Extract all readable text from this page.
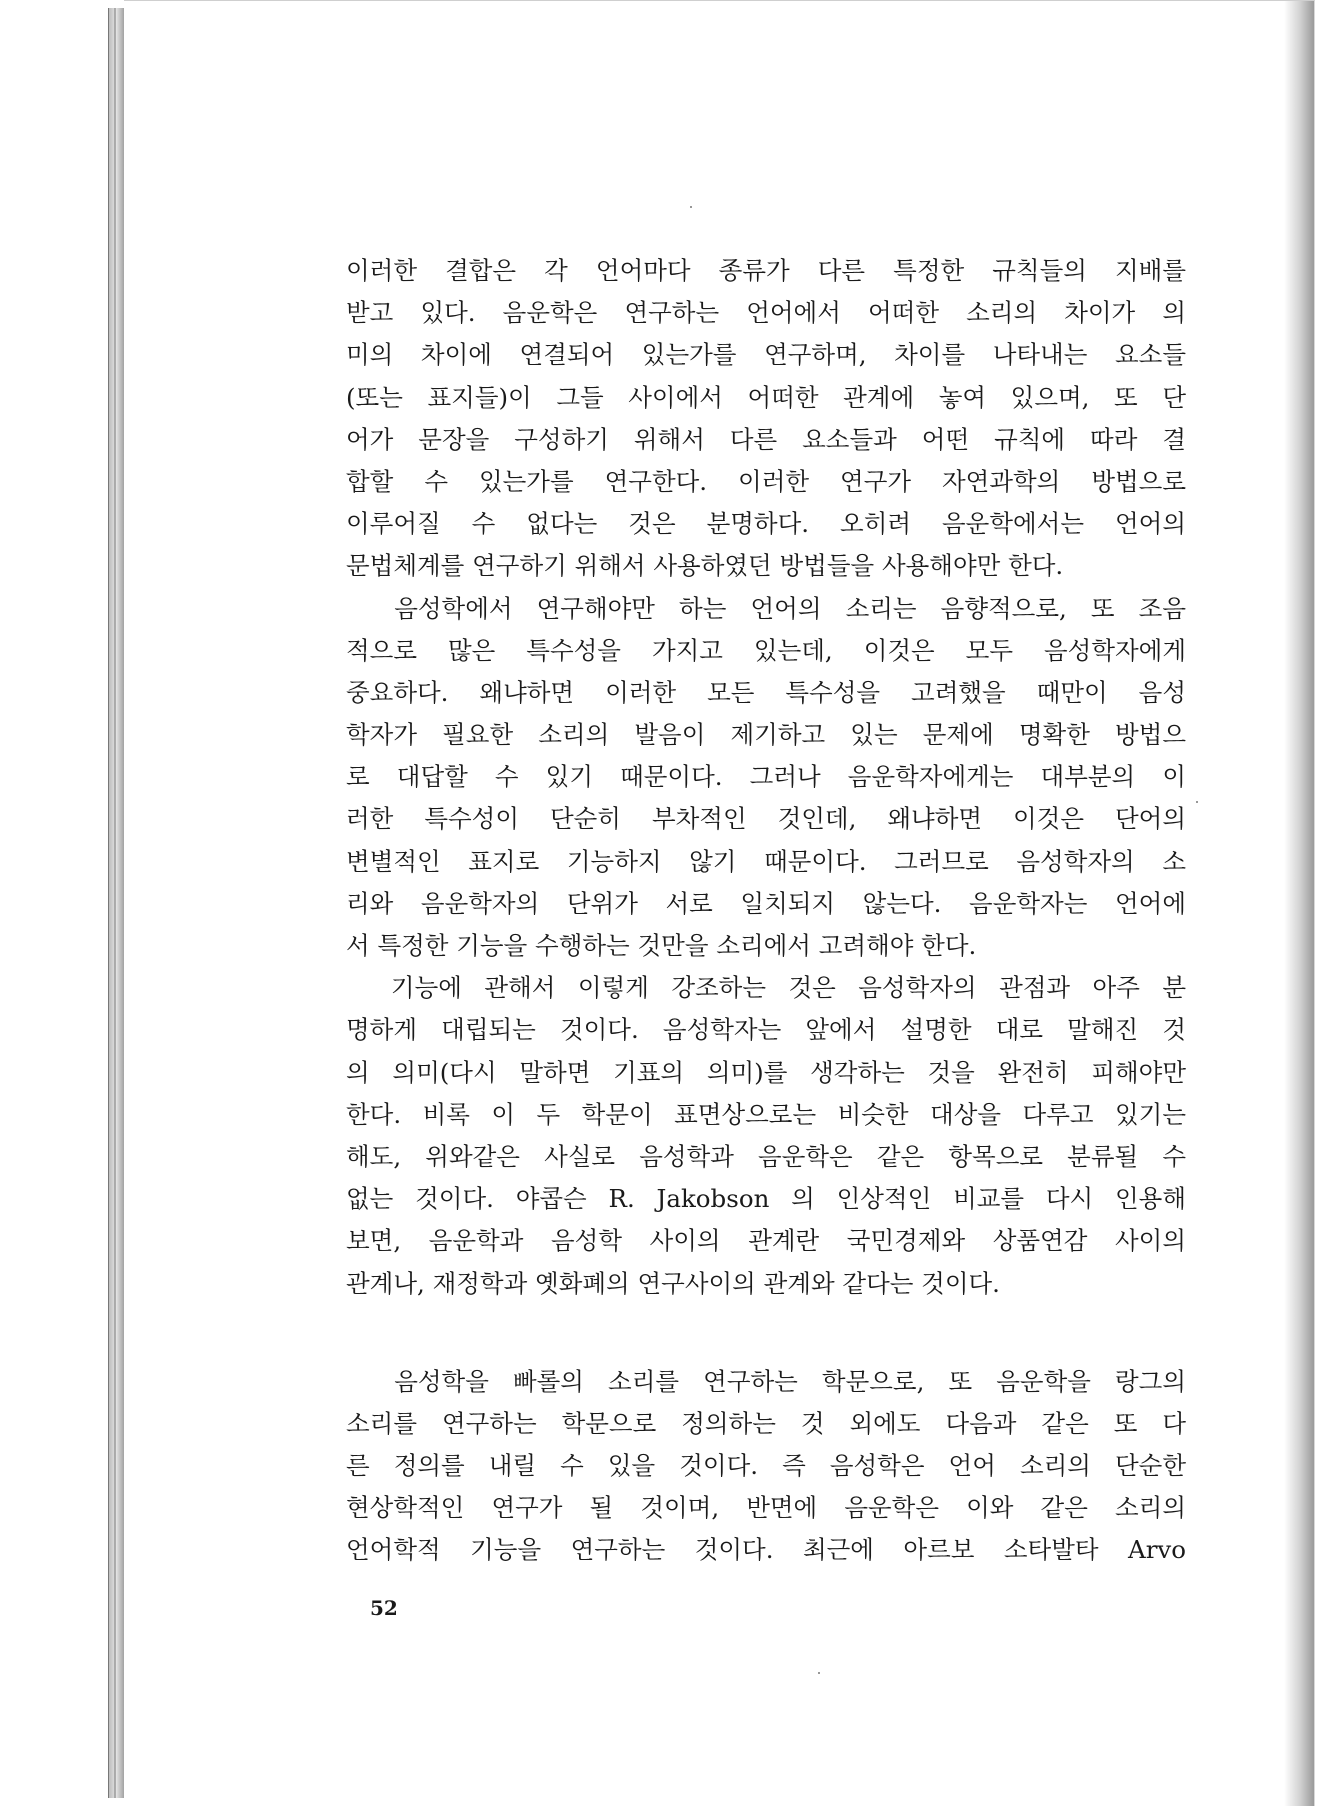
이러한 결합은 각 언어마다 종류가 다른 특정한 규칙들의 지배를
받고 있다. 음운학은 연구하는 언어에서 어떠한 소리의 차이가 의
미의 차이에 연결되어 있는가를 연구하며, 차이를 나타내는 요소들
(또는 표지들)이 그들 사이에서 어떠한 관계에 놓여 있으며, 또 단
어가 문장을 구성하기 위해서 다른 요소들과 어떤 규칙에 따라 결
합할 수 있는가를 연구한다. 이러한 연구가 자연과학의 방법으로
이루어질 수 없다는 것은 분명하다. 오히려 음운학에서는 언어의
문법체계를 연구하기 위해서 사용하였던 방법들을 사용해야만 한다.
음성학에서 연구해야만 하는 언어의 소리는 음향적으로, 또 조음
적으로 많은 특수성을 가지고 있는데, 이것은 모두 음성학자에게
중요하다. 왜냐하면 이러한 모든 특수성을 고려했을 때만이 음성
학자가 필요한 소리의 발음이 제기하고 있는 문제에 명확한 방법으
로 대답할 수 있기 때문이다. 그러나 음운학자에게는 대부분의 이
러한 특수성이 단순히 부차적인 것인데, 왜냐하면 이것은 단어의
변별적인 표지로 기능하지 않기 때문이다. 그러므로 음성학자의 소
리와 음운학자의 단위가 서로 일치되지 않는다. 음운학자는 언어에
서 특정한 기능을 수행하는 것만을 소리에서 고려해야 한다.
기능에 관해서 이렇게 강조하는 것은 음성학자의 관점과 아주 분
명하게 대립되는 것이다. 음성학자는 앞에서 설명한 대로 말해진 것
의 의미(다시 말하면 기표의 의미)를 생각하는 것을 완전히 피해야만
한다. 비록 이 두 학문이 표면상으로는 비슷한 대상을 다루고 있기는
해도, 위와같은 사실로 음성학과 음운학은 같은 항목으로 분류될 수
없는 것이다. 야콥슨 R. Jakobson 의 인상적인 비교를 다시 인용해
보면, 음운학과 음성학 사이의 관계란 국민경제와 상품연감 사이의
관계나, 재정학과 옛화폐의 연구사이의 관계와 같다는 것이다.
음성학을 빠롤의 소리를 연구하는 학문으로, 또 음운학을 랑그의
소리를 연구하는 학문으로 정의하는 것 외에도 다음과 같은 또 다
른 정의를 내릴 수 있을 것이다. 즉 음성학은 언어 소리의 단순한
현상학적인 연구가 될 것이며, 반면에 음운학은 이와 같은 소리의
언어학적 기능을 연구하는 것이다. 최근에 아르보 소타발타 Arvo
52
